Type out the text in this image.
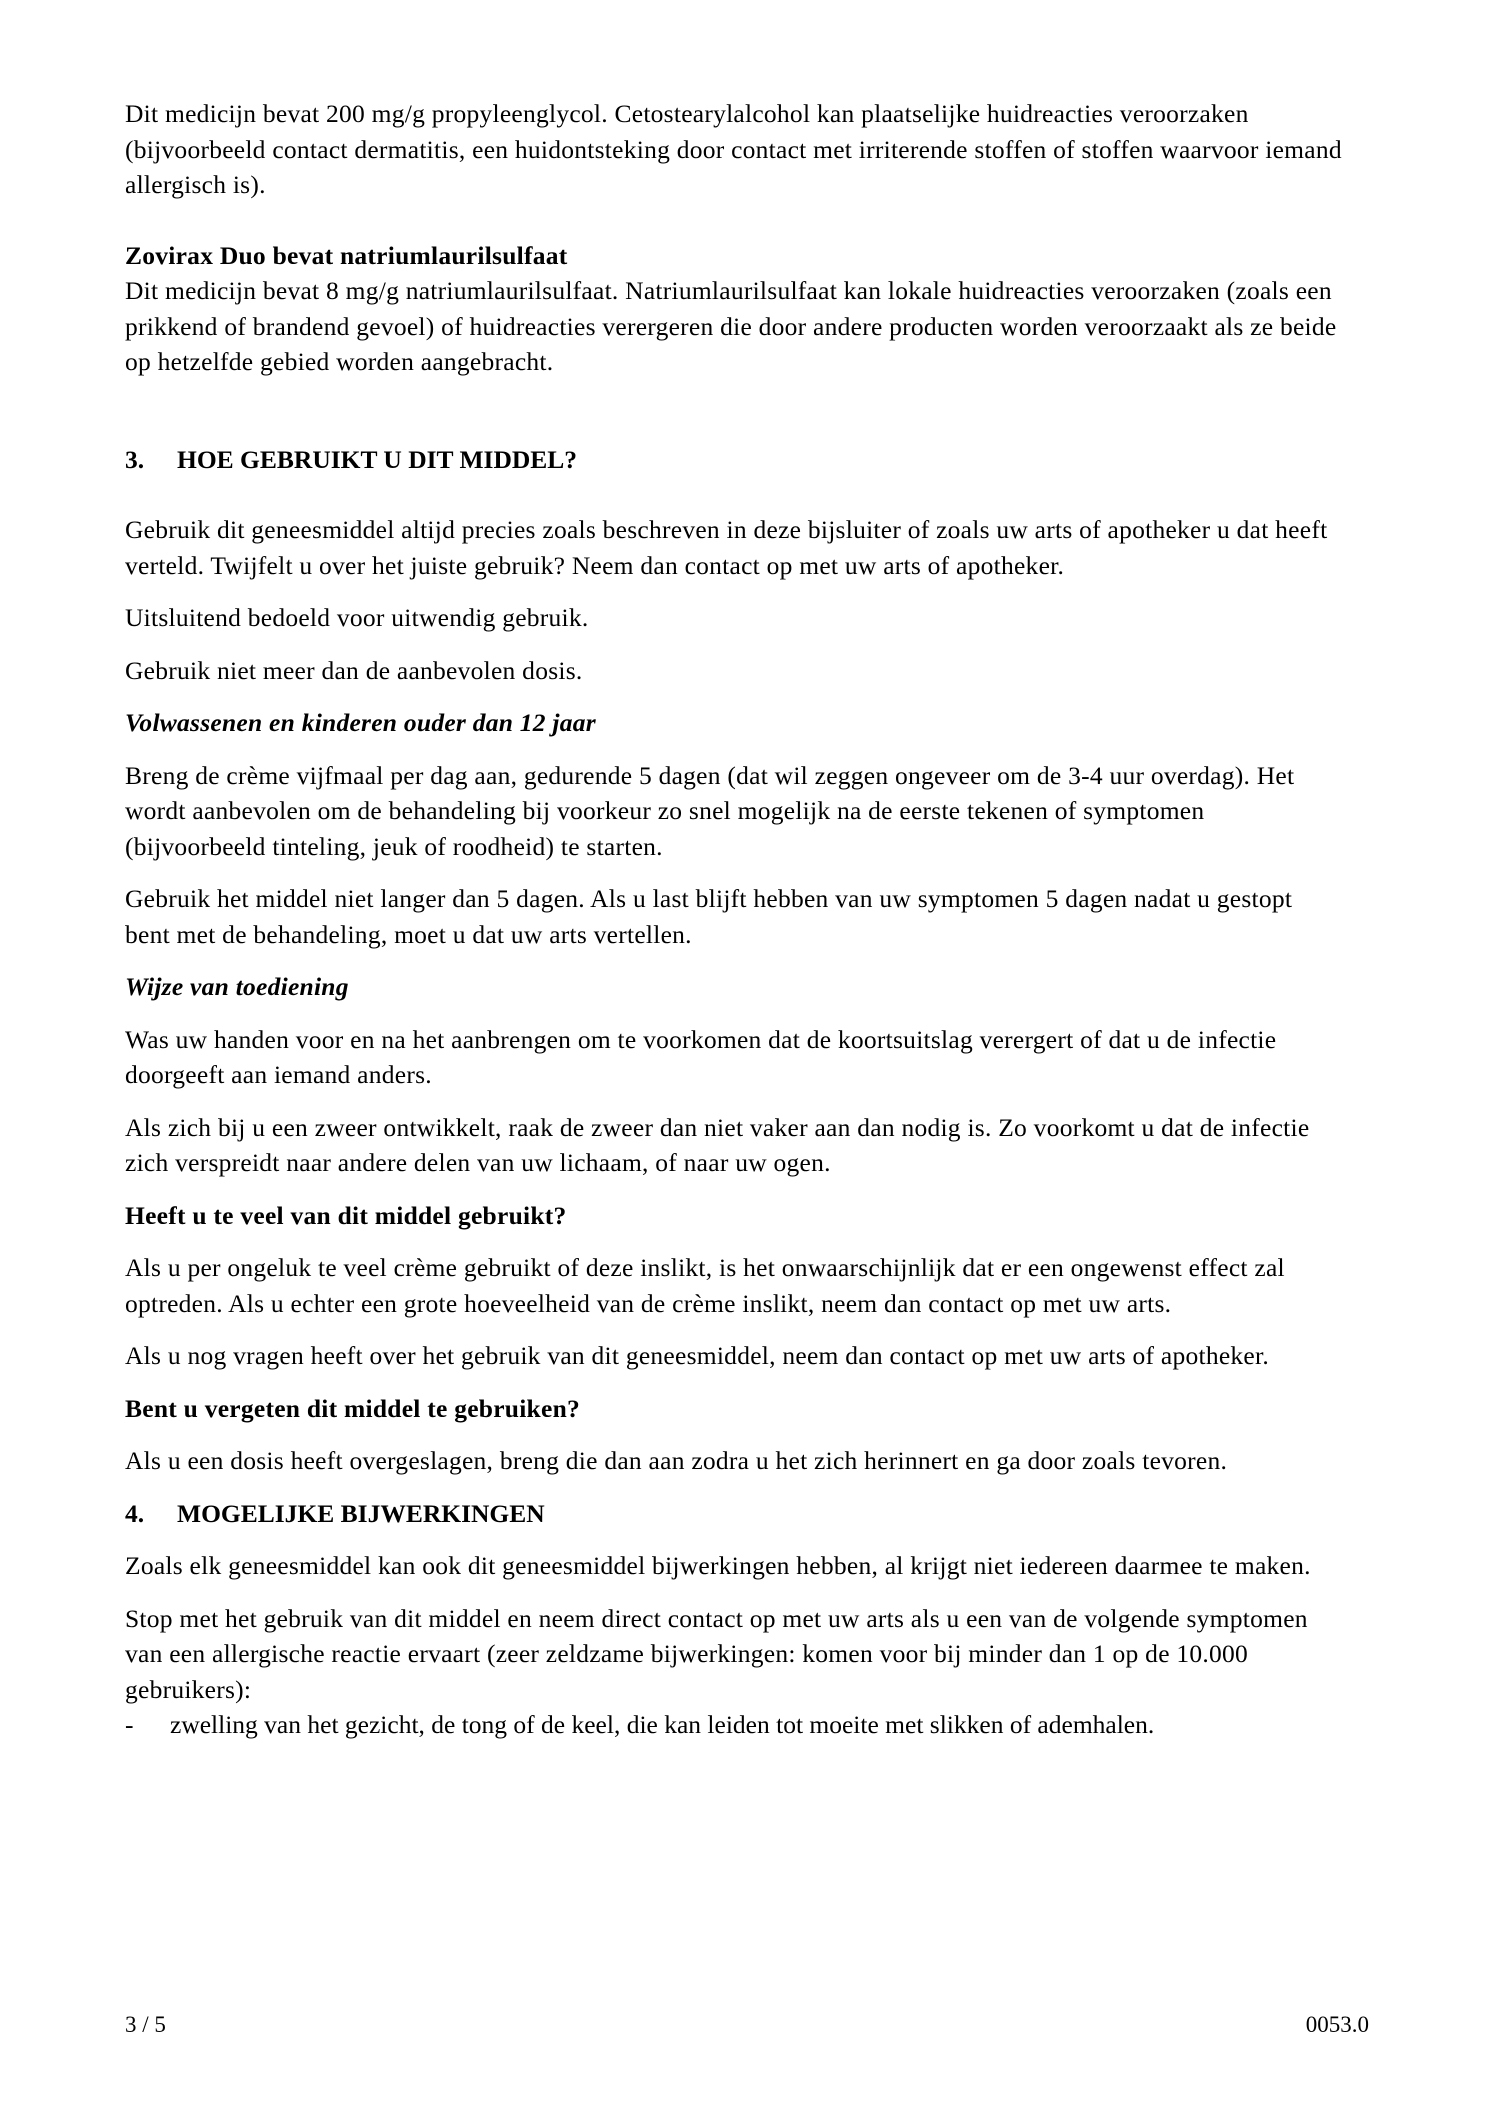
Dit medicijn bevat 200 mg/g propyleenglycol. Cetostearylalcohol kan plaatselijke huidreacties veroorzaken (bijvoorbeeld contact dermatitis, een huidontsteking door contact met irriterende stoffen of stoffen waarvoor iemand allergisch is).

Zovirax Duo bevat natriumlaurilsulfaat

Dit medicijn bevat 8 mg/g natriumlaurilsulfaat. Natriumlaurilsulfaat kan lokale huidreacties veroorzaken (zoals een prikkend of brandend gevoel) of huidreacties verergeren die door andere producten worden veroorzaakt als ze beide op hetzelfde gebied worden aangebracht.

3.	HOE GEBRUIKT U DIT MIDDEL?

Gebruik dit geneesmiddel altijd precies zoals beschreven in deze bijsluiter of zoals uw arts of apotheker u dat heeft verteld. Twijfelt u over het juiste gebruik? Neem dan contact op met uw arts of apotheker.

Uitsluitend bedoeld voor uitwendig gebruik.

Gebruik niet meer dan de aanbevolen dosis.

Volwassenen en kinderen ouder dan 12 jaar

Breng de crème vijfmaal per dag aan, gedurende 5 dagen (dat wil zeggen ongeveer om de 3-4 uur overdag). Het wordt aanbevolen om de behandeling bij voorkeur zo snel mogelijk na de eerste tekenen of symptomen (bijvoorbeeld tinteling, jeuk of roodheid) te starten.

Gebruik het middel niet langer dan 5 dagen. Als u last blijft hebben van uw symptomen 5 dagen nadat u gestopt bent met de behandeling, moet u dat uw arts vertellen.

Wijze van toediening

Was uw handen voor en na het aanbrengen om te voorkomen dat de koortsuitslag verergert of dat u de infectie doorgeeft aan iemand anders.

Als zich bij u een zweer ontwikkelt, raak de zweer dan niet vaker aan dan nodig is. Zo voorkomt u dat de infectie zich verspreidt naar andere delen van uw lichaam, of naar uw ogen.

Heeft u te veel van dit middel gebruikt?

Als u per ongeluk te veel crème gebruikt of deze inslikt, is het onwaarschijnlijk dat er een ongewenst effect zal optreden. Als u echter een grote hoeveelheid van de crème inslikt, neem dan contact op met uw arts.

Als u nog vragen heeft over het gebruik van dit geneesmiddel, neem dan contact op met uw arts of apotheker.

Bent u vergeten dit middel te gebruiken?

Als u een dosis heeft overgeslagen, breng die dan aan zodra u het zich herinnert en ga door zoals tevoren.

4.	MOGELIJKE BIJWERKINGEN

Zoals elk geneesmiddel kan ook dit geneesmiddel bijwerkingen hebben, al krijgt niet iedereen daarmee te maken.

Stop met het gebruik van dit middel en neem direct contact op met uw arts als u een van de volgende symptomen van een allergische reactie ervaart (zeer zeldzame bijwerkingen: komen voor bij minder dan 1 op de 10.000 gebruikers):

-	zwelling van het gezicht, de tong of de keel, die kan leiden tot moeite met slikken of ademhalen.
3 / 5	0053.0
